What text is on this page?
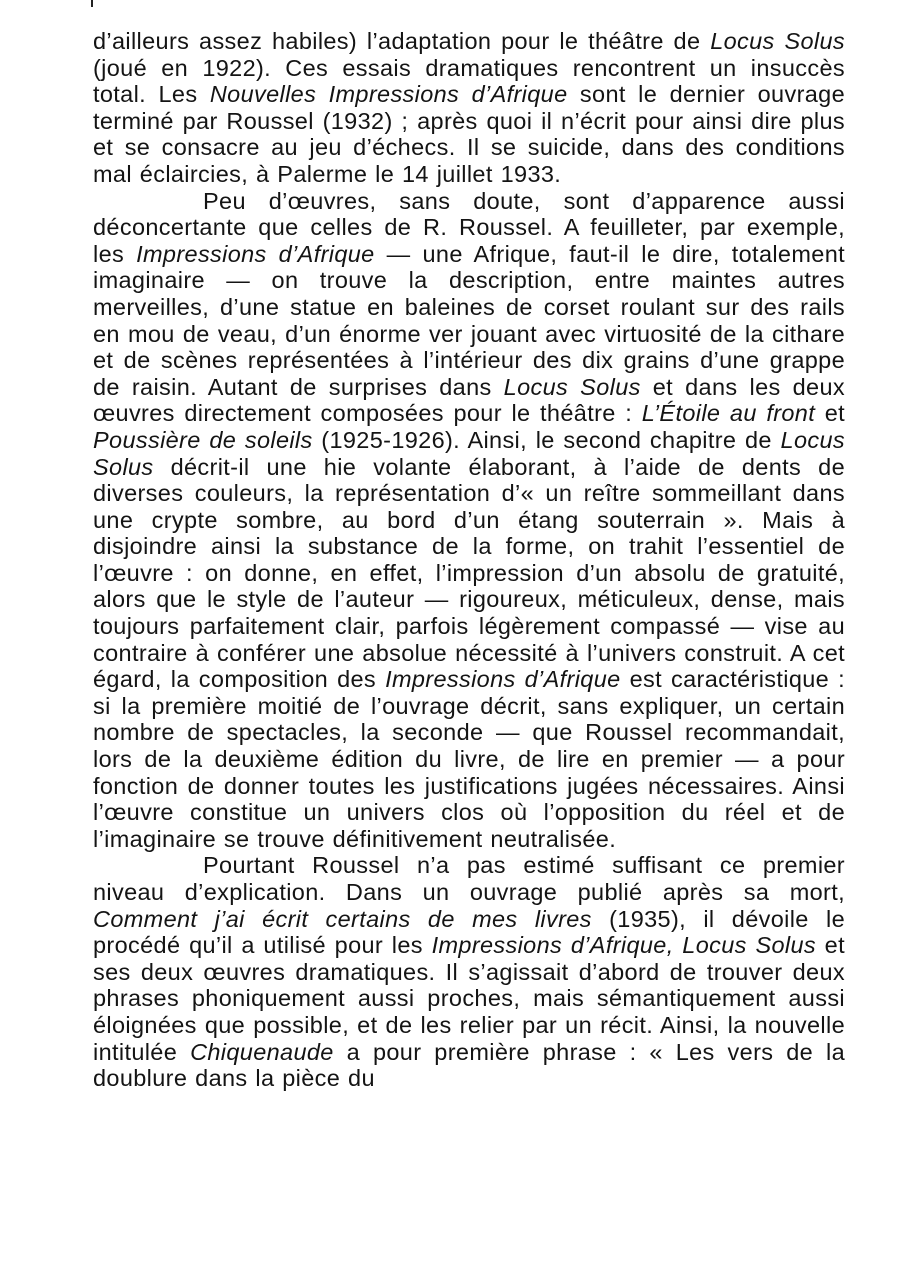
d’ailleurs assez habiles) l’adaptation pour le théâtre de Locus Solus (joué en 1922). Ces essais dramatiques rencontrent un insuccès total. Les Nouvelles Impressions d’Afrique sont le dernier ouvrage terminé par Roussel (1932) ; après quoi il n’écrit pour ainsi dire plus et se consacre au jeu d’échecs. Il se suicide, dans des conditions mal éclaircies, à Palerme le 14 juillet 1933.

Peu d’œuvres, sans doute, sont d’apparence aussi déconcertante que celles de R. Roussel. A feuilleter, par exemple, les Impressions d’Afrique — une Afrique, faut-il le dire, totalement imaginaire — on trouve la description, entre maintes autres merveilles, d’une statue en baleines de corset roulant sur des rails en mou de veau, d’un énorme ver jouant avec virtuosité de la cithare et de scènes représentées à l’intérieur des dix grains d’une grappe de raisin. Autant de surprises dans Locus Solus et dans les deux œuvres directement composées pour le théâtre : L’Étoile au front et Poussière de soleils (1925-1926). Ainsi, le second chapitre de Locus Solus décrit-il une hie volante élaborant, à l’aide de dents de diverses couleurs, la représentation d’« un reître sommeillant dans une crypte sombre, au bord d’un étang souterrain ». Mais à disjoindre ainsi la substance de la forme, on trahit l’essentiel de l’œuvre : on donne, en effet, l’impression d’un absolu de gratuité, alors que le style de l’auteur — rigoureux, méticuleux, dense, mais toujours parfaitement clair, parfois légèrement compassé — vise au contraire à conférer une absolue nécessité à l’univers construit. A cet égard, la composition des Impressions d’Afrique est caractéristique : si la première moitié de l’ouvrage décrit, sans expliquer, un certain nombre de spectacles, la seconde — que Roussel recommandait, lors de la deuxième édition du livre, de lire en premier — a pour fonction de donner toutes les justifications jugées nécessaires. Ainsi l’œuvre constitue un univers clos où l’opposition du réel et de l’imaginaire se trouve définitivement neutralisée.

Pourtant Roussel n’a pas estimé suffisant ce premier niveau d’explication. Dans un ouvrage publié après sa mort, Comment j’ai écrit certains de mes livres (1935), il dévoile le procédé qu’il a utilisé pour les Impressions d’Afrique, Locus Solus et ses deux œuvres dramatiques. Il s’agissait d’abord de trouver deux phrases phoniquement aussi proches, mais sémantiquement aussi éloignées que possible, et de les relier par un récit. Ainsi, la nouvelle intitulée Chiquenaude a pour première phrase : « Les vers de la doublure dans la pièce du
